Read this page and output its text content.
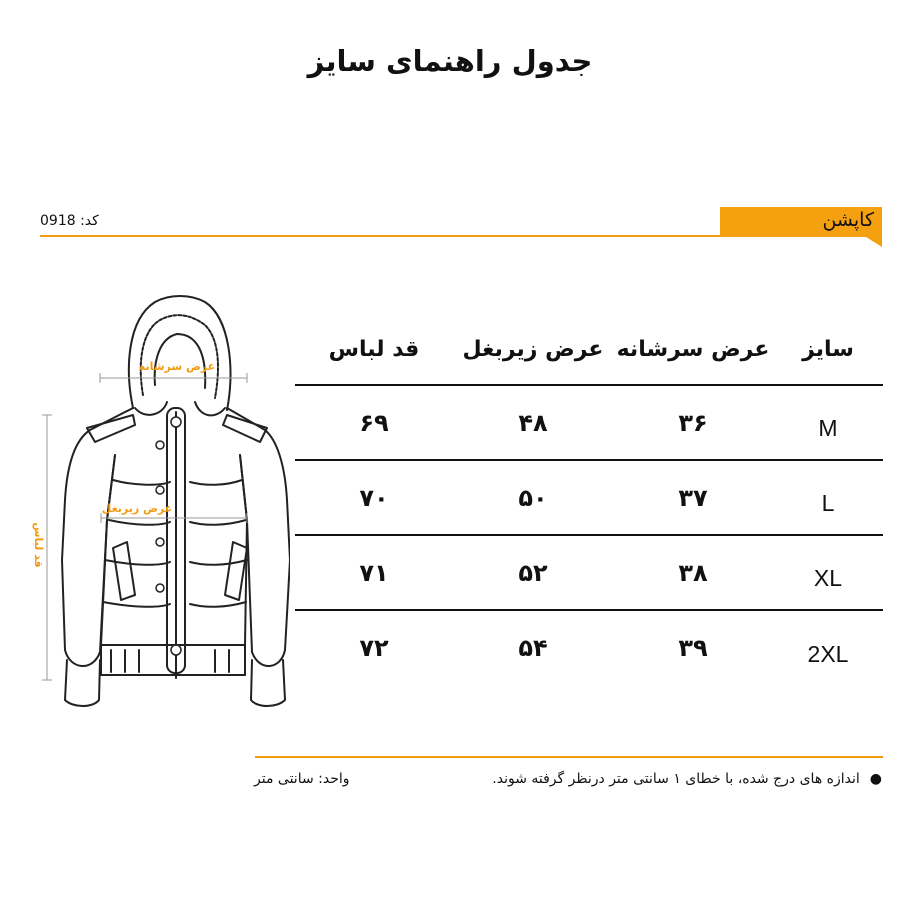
جدول راهنمای سایز
کد: 0918	کاپشن
عرض سرشانه
عرض زیربغل
قد لباس
سایز	عرض سرشانه	عرض زیربغل	قد لباس
M	۳۶	۴۸	۶۹
L	۳۷	۵۰	۷۰
XL	۳۸	۵۲	۷۱
2XL	۳۹	۵۴	۷۲
●اندازه های درج شده، با خطای ۱ سانتی متر درنظر گرفته شوند.
واحد: سانتی متر
